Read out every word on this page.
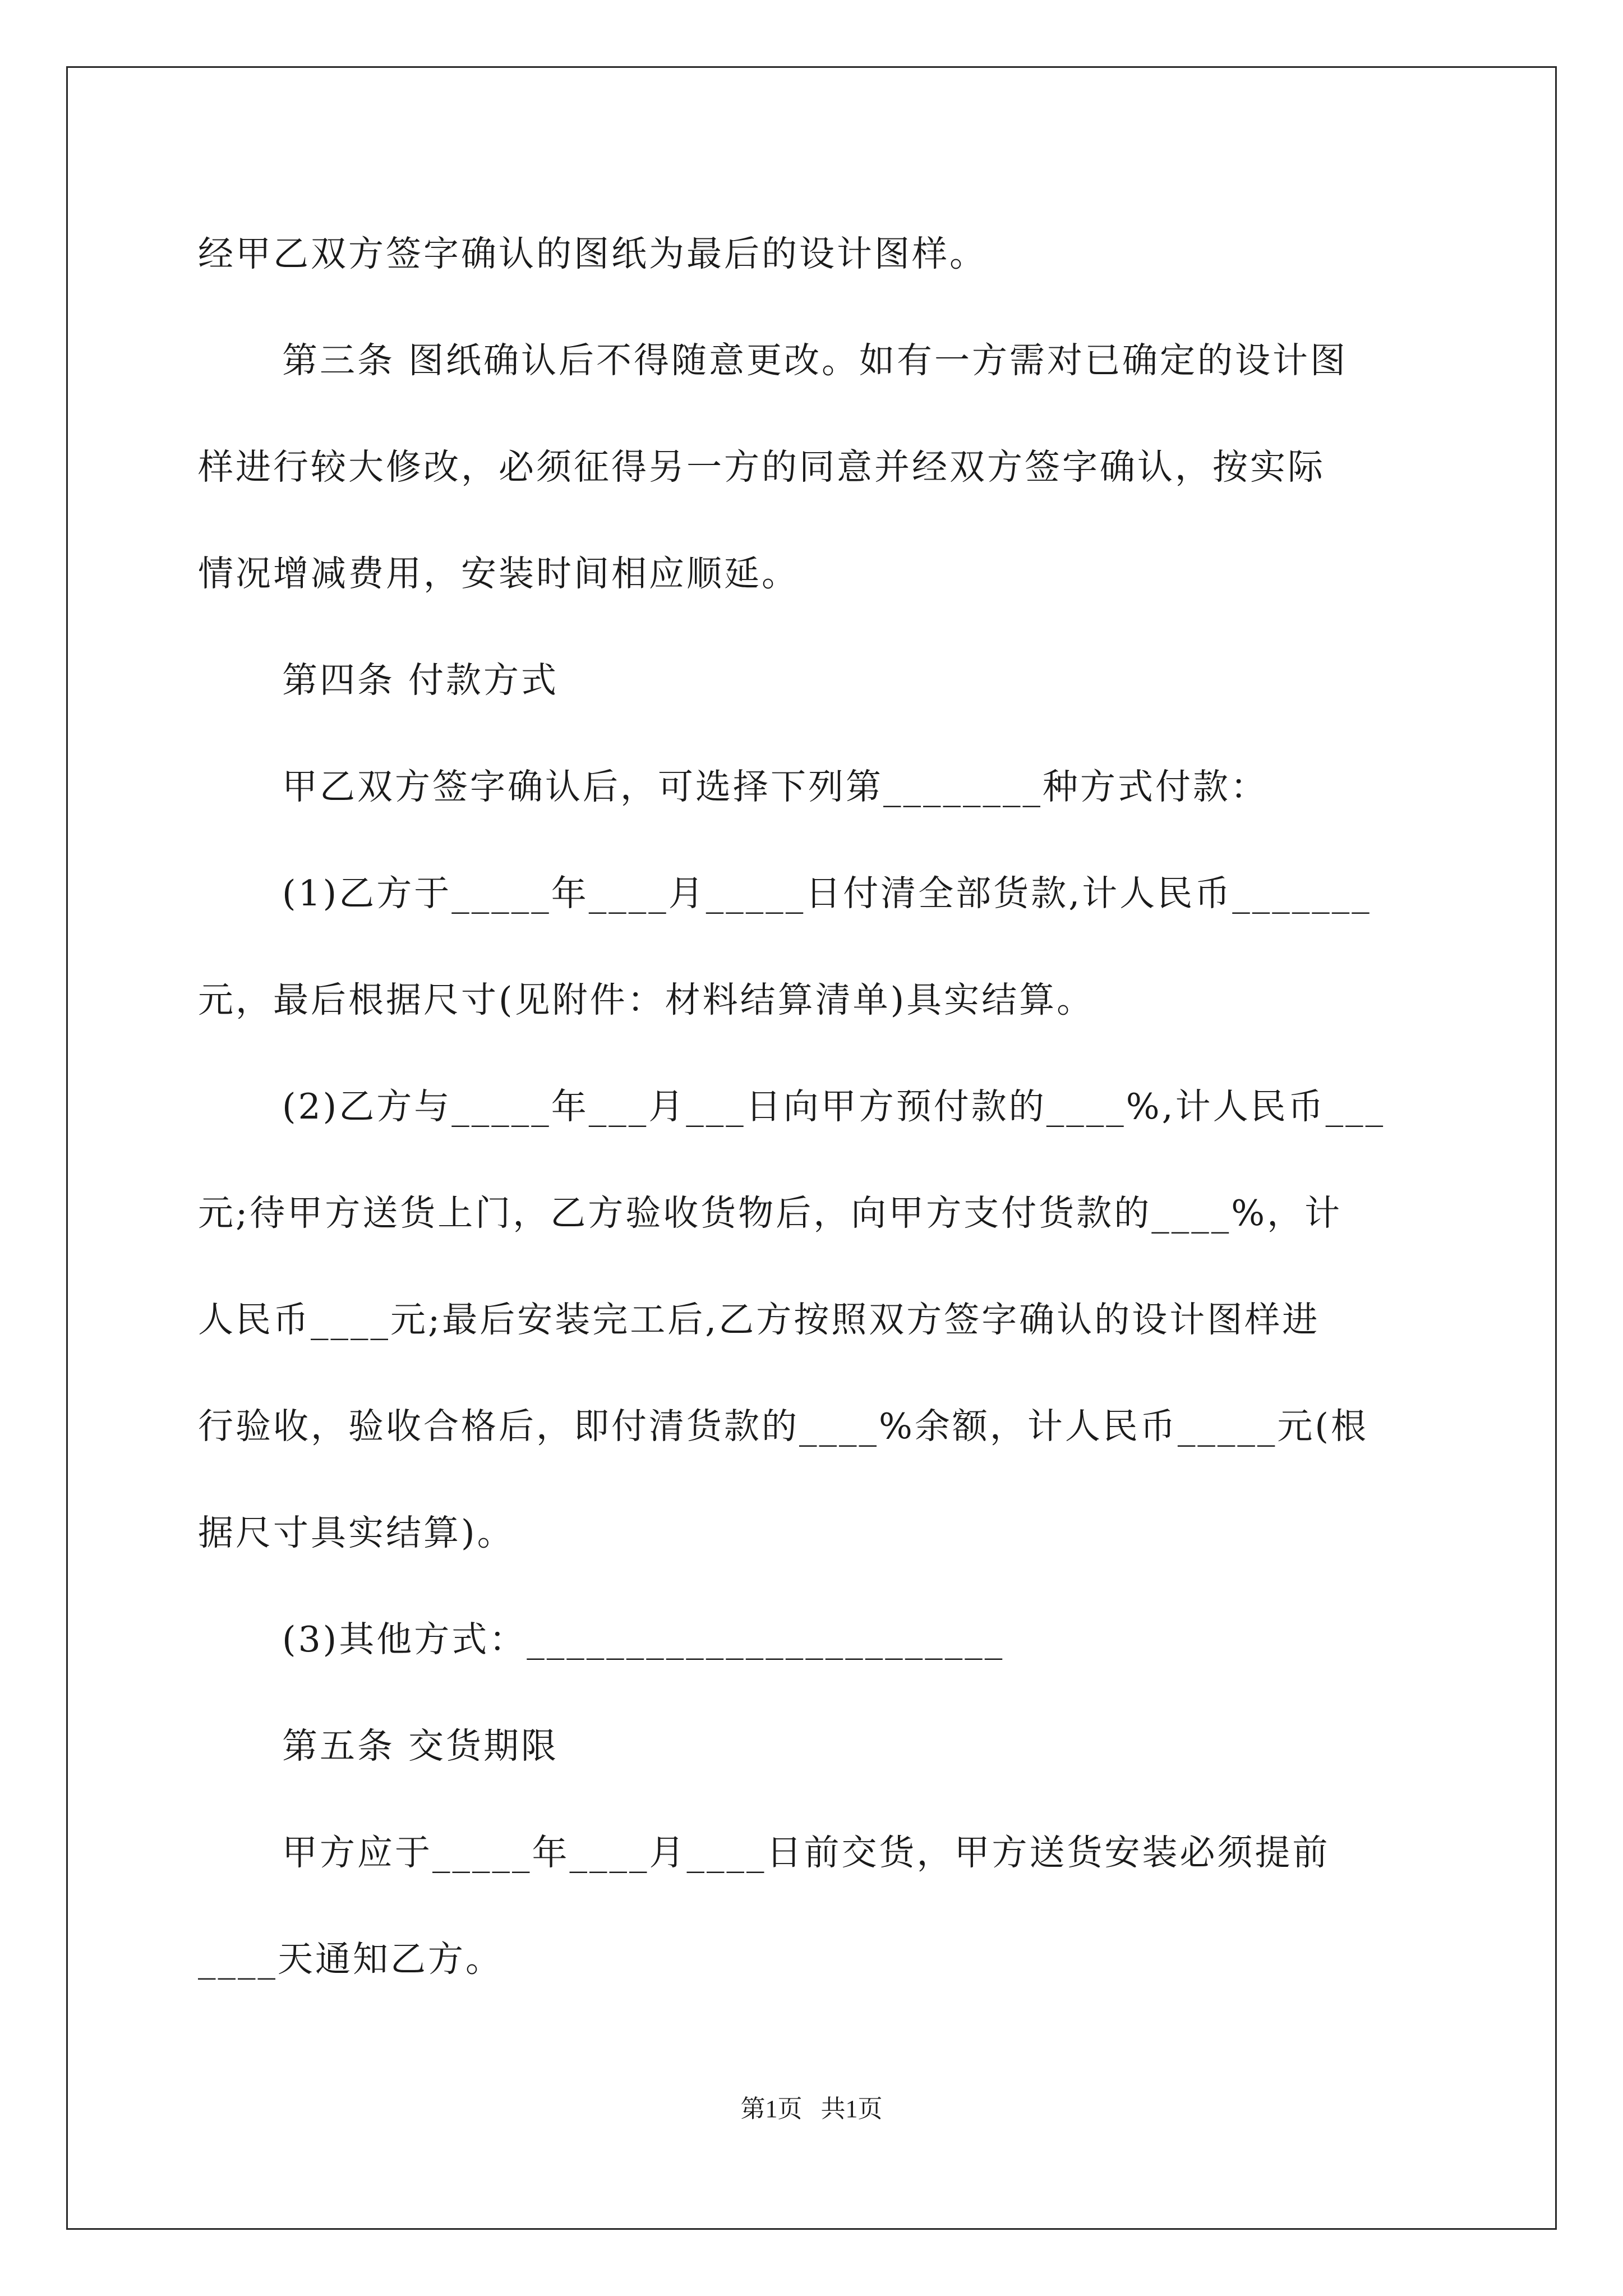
经甲乙双方签字确认的图纸为最后的设计图样。
第三条 图纸确认后不得随意更改。如有一方需对已确定的设计图
样进行较大修改，必须征得另一方的同意并经双方签字确认，按实际
情况增减费用，安装时间相应顺延。
第四条 付款方式
甲乙双方签字确认后，可选择下列第________种方式付款：
(1)乙方于_____年____月_____日付清全部货款,计人民币_______
元，最后根据尺寸(见附件：材料结算清单)具实结算。
(2)乙方与_____年___月___日向甲方预付款的____%,计人民币___
元;待甲方送货上门，乙方验收货物后，向甲方支付货款的____%，计
人民币____元;最后安装完工后,乙方按照双方签字确认的设计图样进
行验收，验收合格后，即付清货款的____%余额，计人民币_____元(根
据尺寸具实结算)。
(3)其他方式：________________________
第五条 交货期限
甲方应于_____年____月____日前交货，甲方送货安装必须提前
____天通知乙方。
第1页   共1页
